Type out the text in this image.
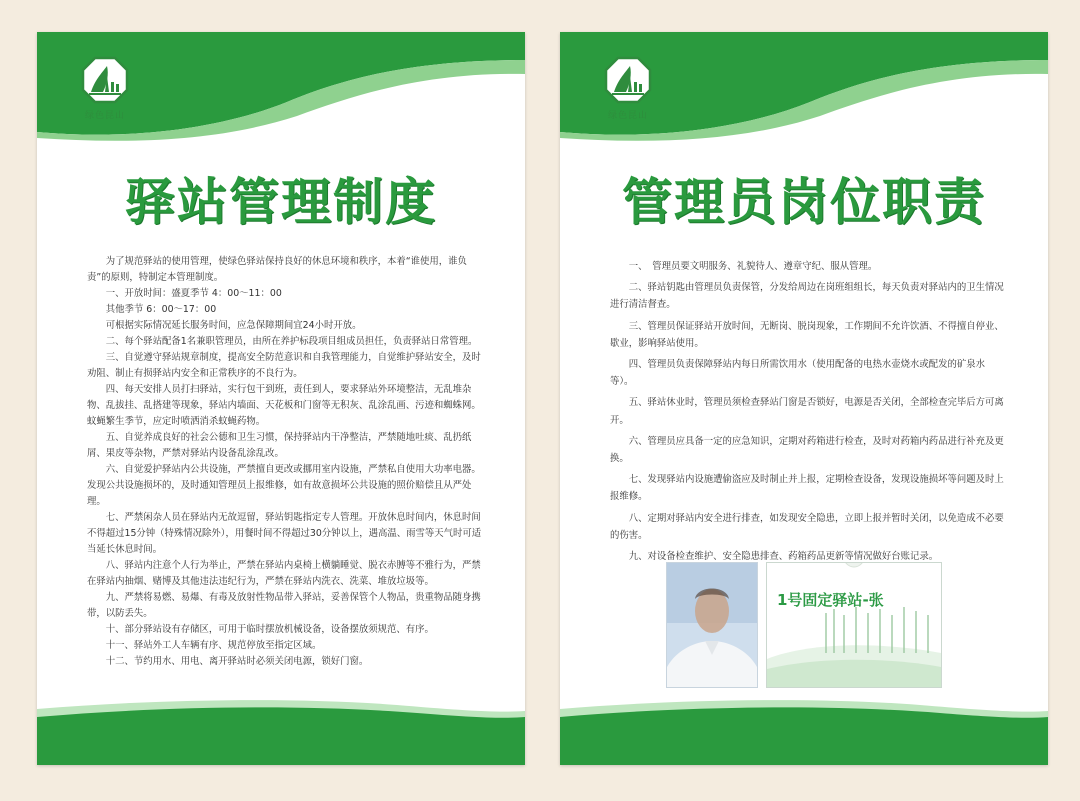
绿色昆山
驿站管理制度

为了规范驿站的使用管理，使绿色驿站保持良好的休息环境和秩序，本着“谁使用，谁负责”的原则，特制定本管理制度。

一、开放时间：盛夏季节 4：00～11：00

其他季节 6：00～17：00

可根据实际情况延长服务时间，应急保障期间宜24小时开放。

二、每个驿站配备1名兼职管理员，由所在养护标段项目组成员担任，负责驿站日常管理。

三、自觉遵守驿站规章制度，提高安全防范意识和自我管理能力，自觉维护驿站安全，及时劝阻、制止有损驿站内安全和正常秩序的不良行为。

四、每天安排人员打扫驿站，实行包干到班，责任到人，要求驿站外环境整洁，无乱堆杂物、乱拔挂、乱搭建等现象，驿站内墙面、天花板和门窗等无积灰、乱涂乱画、污迹和蜘蛛网。蚊蝇繁生季节，应定时喷洒消杀蚊蝇药物。

五、自觉养成良好的社会公德和卫生习惯，保持驿站内干净整洁，严禁随地吐痰、乱扔纸屑、果皮等杂物，严禁对驿站内设备乱涂乱改。

六、自觉爱护驿站内公共设施，严禁擅自更改或挪用室内设施，严禁私自使用大功率电器。发现公共设施损坏的，及时通知管理员上报维修，如有故意损坏公共设施的照价赔偿且从严处理。

七、严禁闲杂人员在驿站内无故逗留，驿站钥匙指定专人管理。开放休息时间内，休息时间不得超过15分钟（特殊情况除外），用餐时间不得超过30分钟以上，遇高温、雨雪等天气时可适当延长休息时间。

八、驿站内注意个人行为举止，严禁在驿站内桌椅上横躺睡觉、脱衣赤膊等不雅行为，严禁在驿站内抽烟、赌博及其他违法违纪行为，严禁在驿站内洗衣、洗菜、堆放垃圾等。

九、严禁将易燃、易爆、有毒及放射性物品带入驿站，妥善保管个人物品，贵重物品随身携带，以防丢失。

十、部分驿站设有存储区，可用于临时摆放机械设备，设备摆放须规范、有序。

十一、驿站外工人车辆有序、规范停放至指定区域。

十二、节约用水、用电、离开驿站时必须关闭电源，锁好门窗。

绿色昆山
管理员岗位职责

一、　管理员要文明服务、礼貌待人、遵章守纪、服从管理。

二、驿站钥匙由管理员负责保管，分发给周边在岗班组组长，每天负责对驿站内的卫生情况进行清洁督查。

三、管理员保证驿站开放时间，无断岗、脱岗现象，工作期间不允许饮酒、不得擅自停业、歇业，影响驿站使用。

四、管理员负责保障驿站内每日所需饮用水（使用配备的电热水壶烧水或配发的矿泉水等）。

五、驿站休业时，管理员须检查驿站门窗是否锁好，电源是否关闭，全部检查完毕后方可离开。

六、管理员应具备一定的应急知识，定期对药箱进行检查，及时对药箱内药品进行补充及更换。

七、发现驿站内设施遭偷盗应及时制止并上报，定期检查设备，发现设施损坏等问题及时上报维修。

八、定期对驿站内安全进行排查，如发现安全隐患，立即上报并暂时关闭，以免造成不必要的伤害。

九、对设备检查维护、安全隐患排查、药箱药品更新等情况做好台账记录。

1号固定驿站-张
